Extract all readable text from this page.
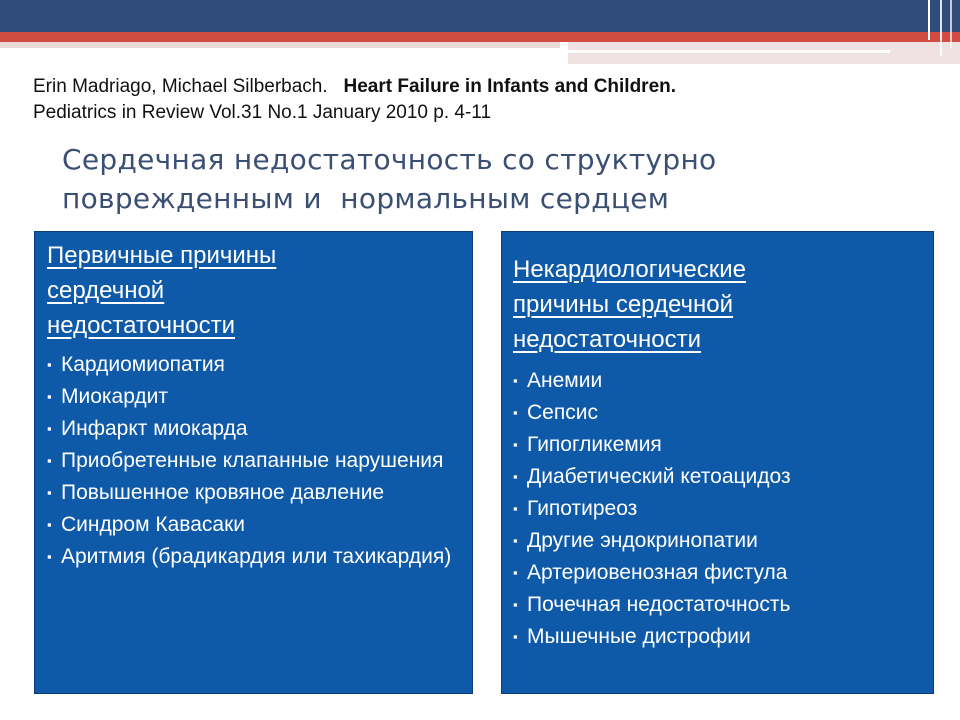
Erin Madriago, Michael Silberbach. Heart Failure in Infants and Children.
Pediatrics in Review Vol.31 No.1 January 2010 p. 4-11
Сердечная недостаточность со структурно
поврежденным и  нормальным сердцем
Первичные причины
сердечной
недостаточности
▪ Кардиомиопатия
▪ Миокардит
▪ Инфаркт миокарда
▪ Приобретенные клапанные нарушения
▪ Повышенное кровяное давление
▪ Синдром Кавасаки
▪ Аритмия (брадикардия или тахикардия)
Некардиологические
причины сердечной
недостаточности
▪ Анемии
▪ Сепсис
▪ Гипогликемия
▪ Диабетический кетоацидоз
▪ Гипотиреоз
▪ Другие эндокринопатии
▪ Артериовенозная фистула
▪ Почечная недостаточность
▪ Мышечные дистрофии
